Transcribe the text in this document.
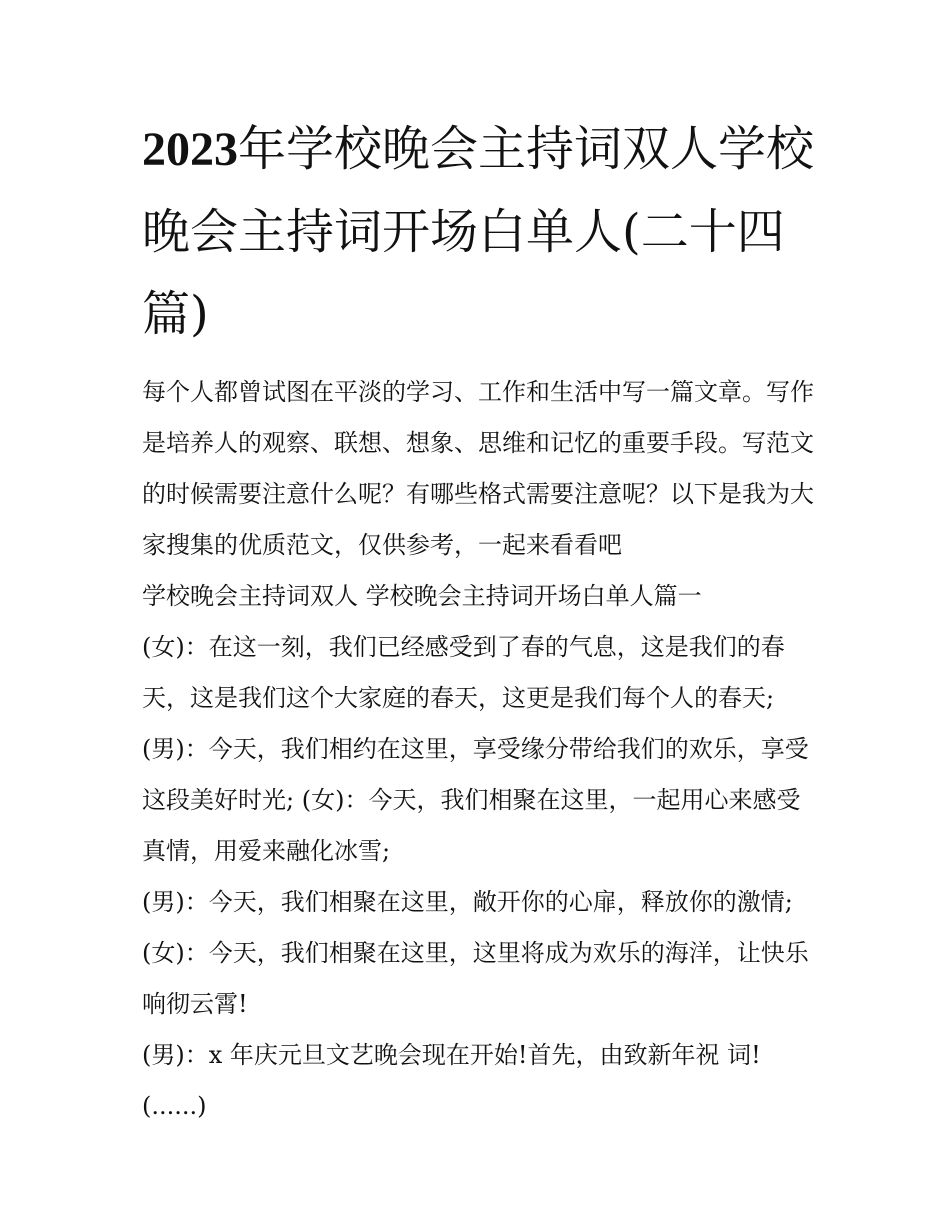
2023年学校晚会主持词双人学校晚会主持词开场白单人(二十四篇)

每个人都曾试图在平淡的学习、工作和生活中写一篇文章。写作是培养人的观察、联想、想象、思维和记忆的重要手段。写范文的时候需要注意什么呢？有哪些格式需要注意呢？以下是我为大家搜集的优质范文，仅供参考，一起来看看吧

学校晚会主持词双人 学校晚会主持词开场白单人篇一

(女)：在这一刻，我们已经感受到了春的气息，这是我们的春天，这是我们这个大家庭的春天，这更是我们每个人的春天;

(男)：今天，我们相约在这里，享受缘分带给我们的欢乐，享受这段美好时光; (女)：今天，我们相聚在这里，一起用心来感受真情，用爱来融化冰雪;

(男)：今天，我们相聚在这里，敞开你的心扉，释放你的激情; (女)：今天，我们相聚在这里，这里将成为欢乐的海洋，让快乐响彻云霄!

(男)：x 年庆元旦文艺晚会现在开始!首先，由致新年祝 词!

(......)
